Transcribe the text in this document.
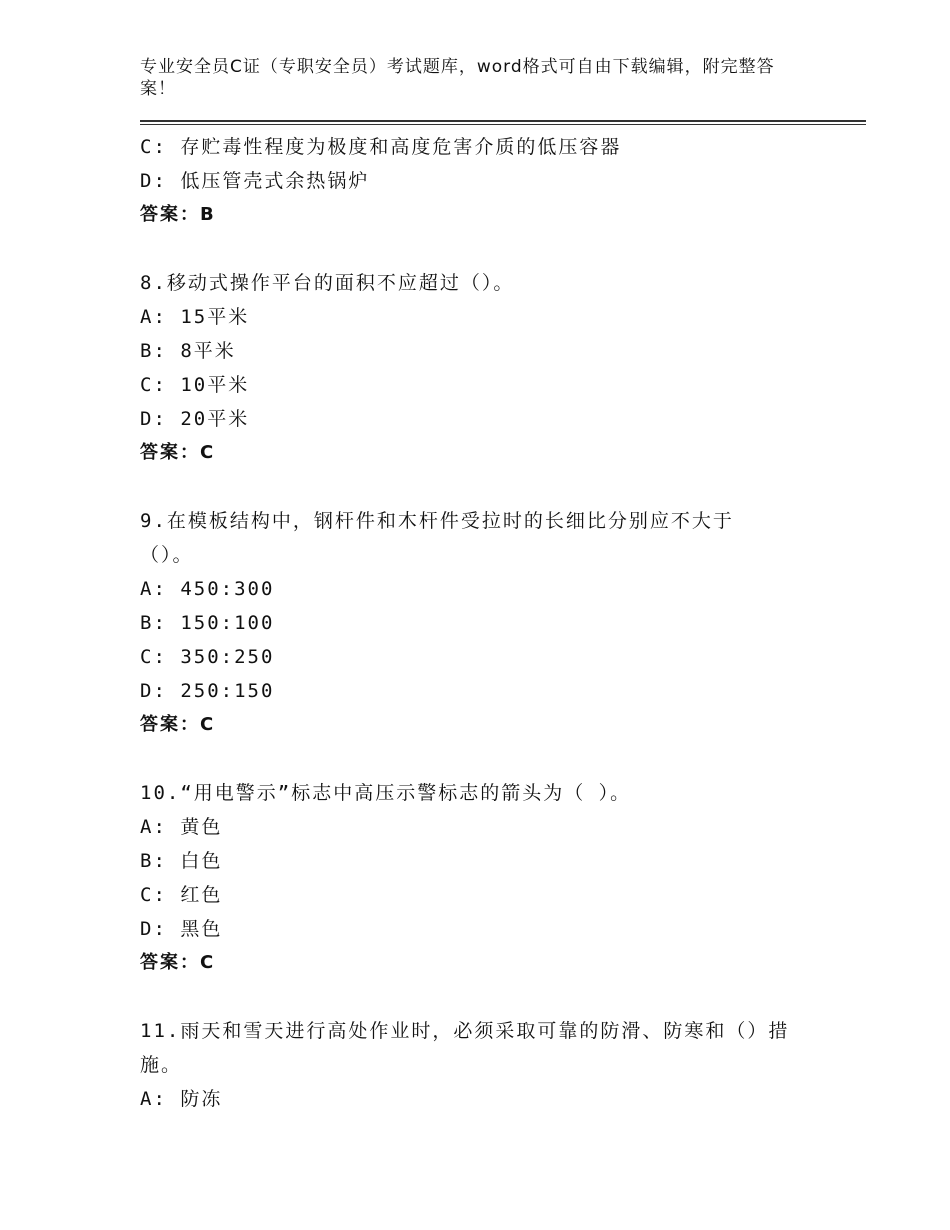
专业安全员C证（专职安全员）考试题库，word格式可自由下载编辑，附完整答案！
C: 存贮毒性程度为极度和高度危害介质的低压容器
D: 低压管壳式余热锅炉
答案：B
8.移动式操作平台的面积不应超过（）。
A: 15平米
B: 8平米
C: 10平米
D: 20平米
答案：C
9.在模板结构中，钢杆件和木杆件受拉时的长细比分别应不大于
（）。
A: 450:300
B: 150:100
C: 350:250
D: 250:150
答案：C
10.“用电警示”标志中高压示警标志的箭头为（ ）。
A: 黄色
B: 白色
C: 红色
D: 黑色
答案：C
11.雨天和雪天进行高处作业时，必须采取可靠的防滑、防寒和（）措
施。
A: 防冻
